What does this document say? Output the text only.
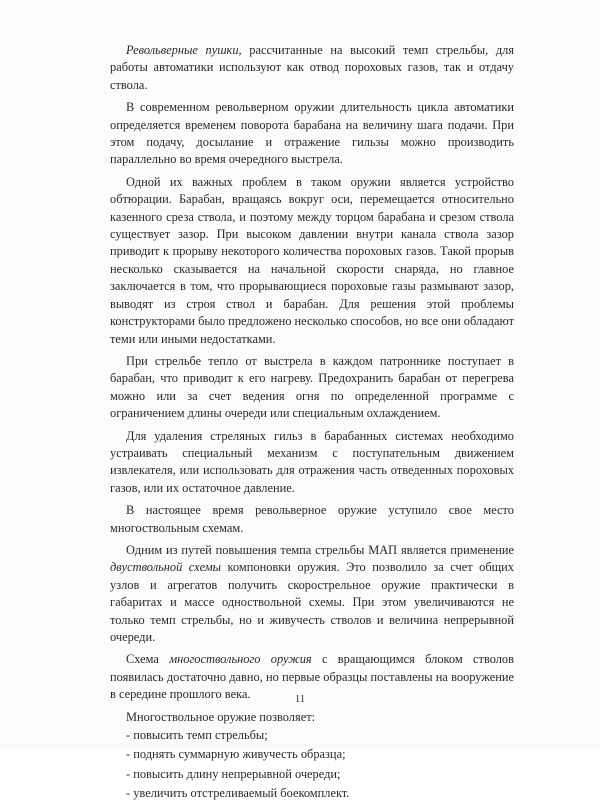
Револьверные пушки, рассчитанные на высокий темп стрельбы, для работы автоматики используют как отвод пороховых газов, так и отдачу ствола.

В современном револьверном оружии длительность цикла автоматики определяется временем поворота барабана на величину шага подачи. При этом подачу, досылание и отражение гильзы можно производить параллельно во время очередного выстрела.

Одной их важных проблем в таком оружии является устройство обтюрации. Барабан, вращаясь вокруг оси, перемещается относительно казенного среза ствола, и поэтому между торцом барабана и срезом ствола существует зазор. При высоком давлении внутри канала ствола зазор приводит к прорыву некоторого количества пороховых газов. Такой прорыв несколько сказывается на начальной скорости снаряда, но главное заключается в том, что прорывающиеся пороховые газы размывают зазор, выводят из строя ствол и барабан. Для решения этой проблемы конструкторами было предложено несколько способов, но все они обладают теми или иными недостатками.

При стрельбе тепло от выстрела в каждом патроннике поступает в барабан, что приводит к его нагреву. Предохранить барабан от перегрева можно или за счет ведения огня по определенной программе с ограничением длины очереди или специальным охлаждением.

Для удаления стреляных гильз в барабанных системах необходимо устраивать специальный механизм с поступательным движением извлекателя, или использовать для отражения часть отведенных пороховых газов, или их остаточное давление.

В настоящее время револьверное оружие уступило свое место многоствольным схемам.

Одним из путей повышения темпа стрельбы МАП является применение двуствольной схемы компоновки оружия. Это позволило за счет общих узлов и агрегатов получить скорострельное оружие практически в габаритах и массе одноствольной схемы. При этом увеличиваются не только темп стрельбы, но и живучесть стволов и величина непрерывной очереди.

Схема многоствольного оружия с вращающимся блоком стволов появилась достаточно давно, но первые образцы поставлены на вооружение в середине прошлого века.

Многоствольное оружие позволяет:

- повысить темп стрельбы;
- поднять суммарную живучесть образца;
- повысить длину непрерывной очереди;
- увеличить отстреливаемый боекомплект.
11
